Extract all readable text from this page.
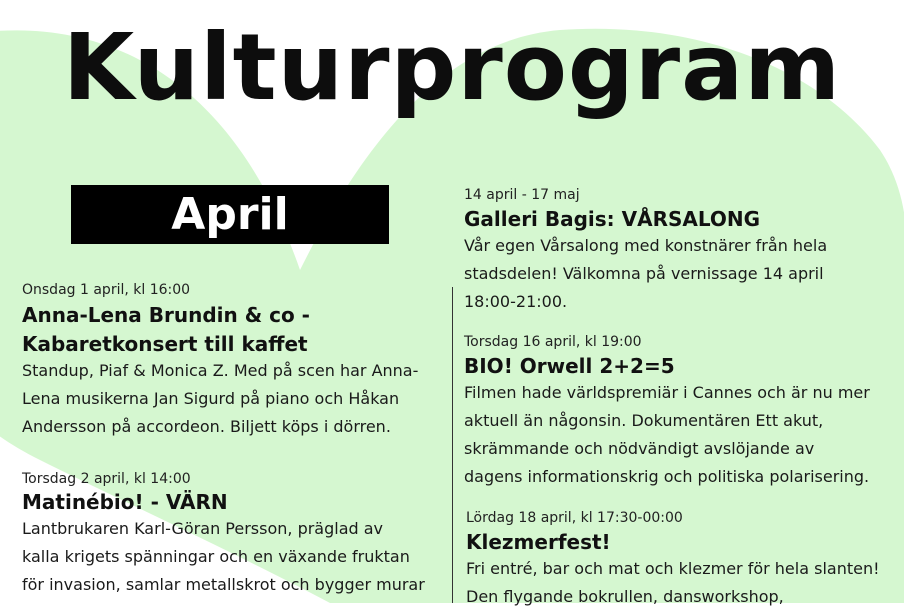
Kulturprogram
April
Onsdag 1 april, kl 16:00
Anna-Lena Brundin & co -
Kabaretkonsert till kaffet
Standup, Piaf & Monica Z. Med på scen har Anna-
Lena musikerna Jan Sigurd på piano och Håkan
Andersson på accordeon. Biljett köps i dörren.
Torsdag 2 april, kl 14:00
Matinébio! - VÄRN
Lantbrukaren Karl-Göran Persson, präglad av
kalla krigets spänningar och en växande fruktan
för invasion, samlar metallskrot och bygger murar
14 april - 17 maj
Galleri Bagis: VÅRSALONG
Vår egen Vårsalong med konstnärer från hela
stadsdelen! Välkomna på vernissage 14 april
18:00-21:00.
Torsdag 16 april, kl 19:00
BIO! Orwell 2+2=5
Filmen hade världspremiär i Cannes och är nu mer
aktuell än någonsin. Dokumentären Ett akut,
skrämmande och nödvändigt avslöjande av
dagens informationskrig och politiska polarisering.
Lördag 18 april, kl 17:30-00:00
Klezmerfest!
Fri entré, bar och mat och klezmer för hela slanten!
Den flygande bokrullen, dansworkshop,
